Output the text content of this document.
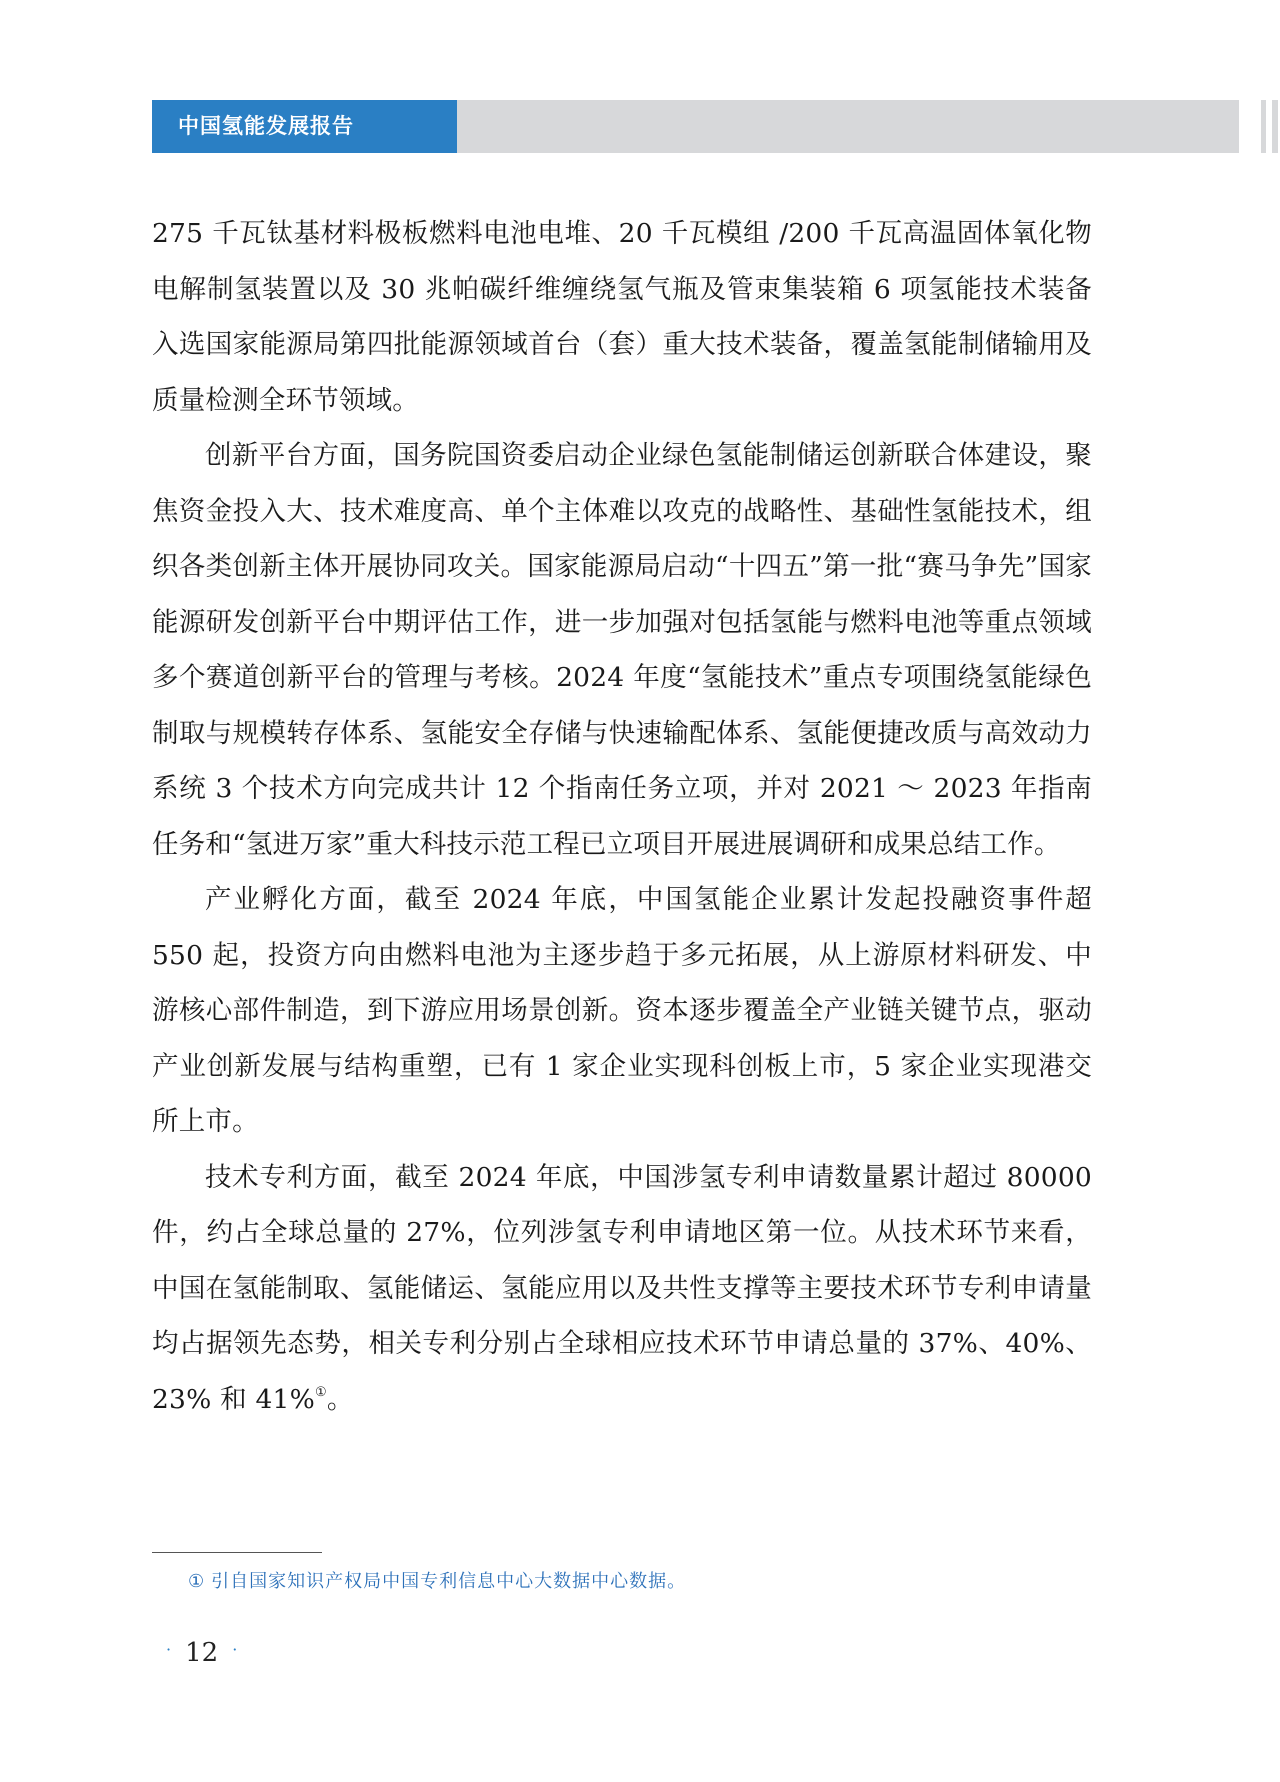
中国氢能发展报告

275 千瓦钛基材料极板燃料电池电堆、20 千瓦模组 /200 千瓦高温固体氧化物电解制氢装置以及 30 兆帕碳纤维缠绕氢气瓶及管束集装箱 6 项氢能技术装备入选国家能源局第四批能源领域首台（套）重大技术装备，覆盖氢能制储输用及质量检测全环节领域。

创新平台方面，国务院国资委启动企业绿色氢能制储运创新联合体建设，聚焦资金投入大、技术难度高、单个主体难以攻克的战略性、基础性氢能技术，组织各类创新主体开展协同攻关。国家能源局启动“十四五”第一批“赛马争先”国家能源研发创新平台中期评估工作，进一步加强对包括氢能与燃料电池等重点领域多个赛道创新平台的管理与考核。2024 年度“氢能技术”重点专项围绕氢能绿色制取与规模转存体系、氢能安全存储与快速输配体系、氢能便捷改质与高效动力系统 3 个技术方向完成共计 12 个指南任务立项，并对 2021 ～ 2023 年指南任务和“氢进万家”重大科技示范工程已立项目开展进展调研和成果总结工作。

产业孵化方面，截至 2024 年底，中国氢能企业累计发起投融资事件超 550 起，投资方向由燃料电池为主逐步趋于多元拓展，从上游原材料研发、中游核心部件制造，到下游应用场景创新。资本逐步覆盖全产业链关键节点，驱动产业创新发展与结构重塑，已有 1 家企业实现科创板上市，5 家企业实现港交所上市。

技术专利方面，截至 2024 年底，中国涉氢专利申请数量累计超过 80000 件，约占全球总量的 27%，位列涉氢专利申请地区第一位。从技术环节来看，中国在氢能制取、氢能储运、氢能应用以及共性支撑等主要技术环节专利申请量均占据领先态势，相关专利分别占全球相应技术环节申请总量的 37%、40%、23% 和 41%①。

① 引自国家知识产权局中国专利信息中心大数据中心数据。
· 12 ·
